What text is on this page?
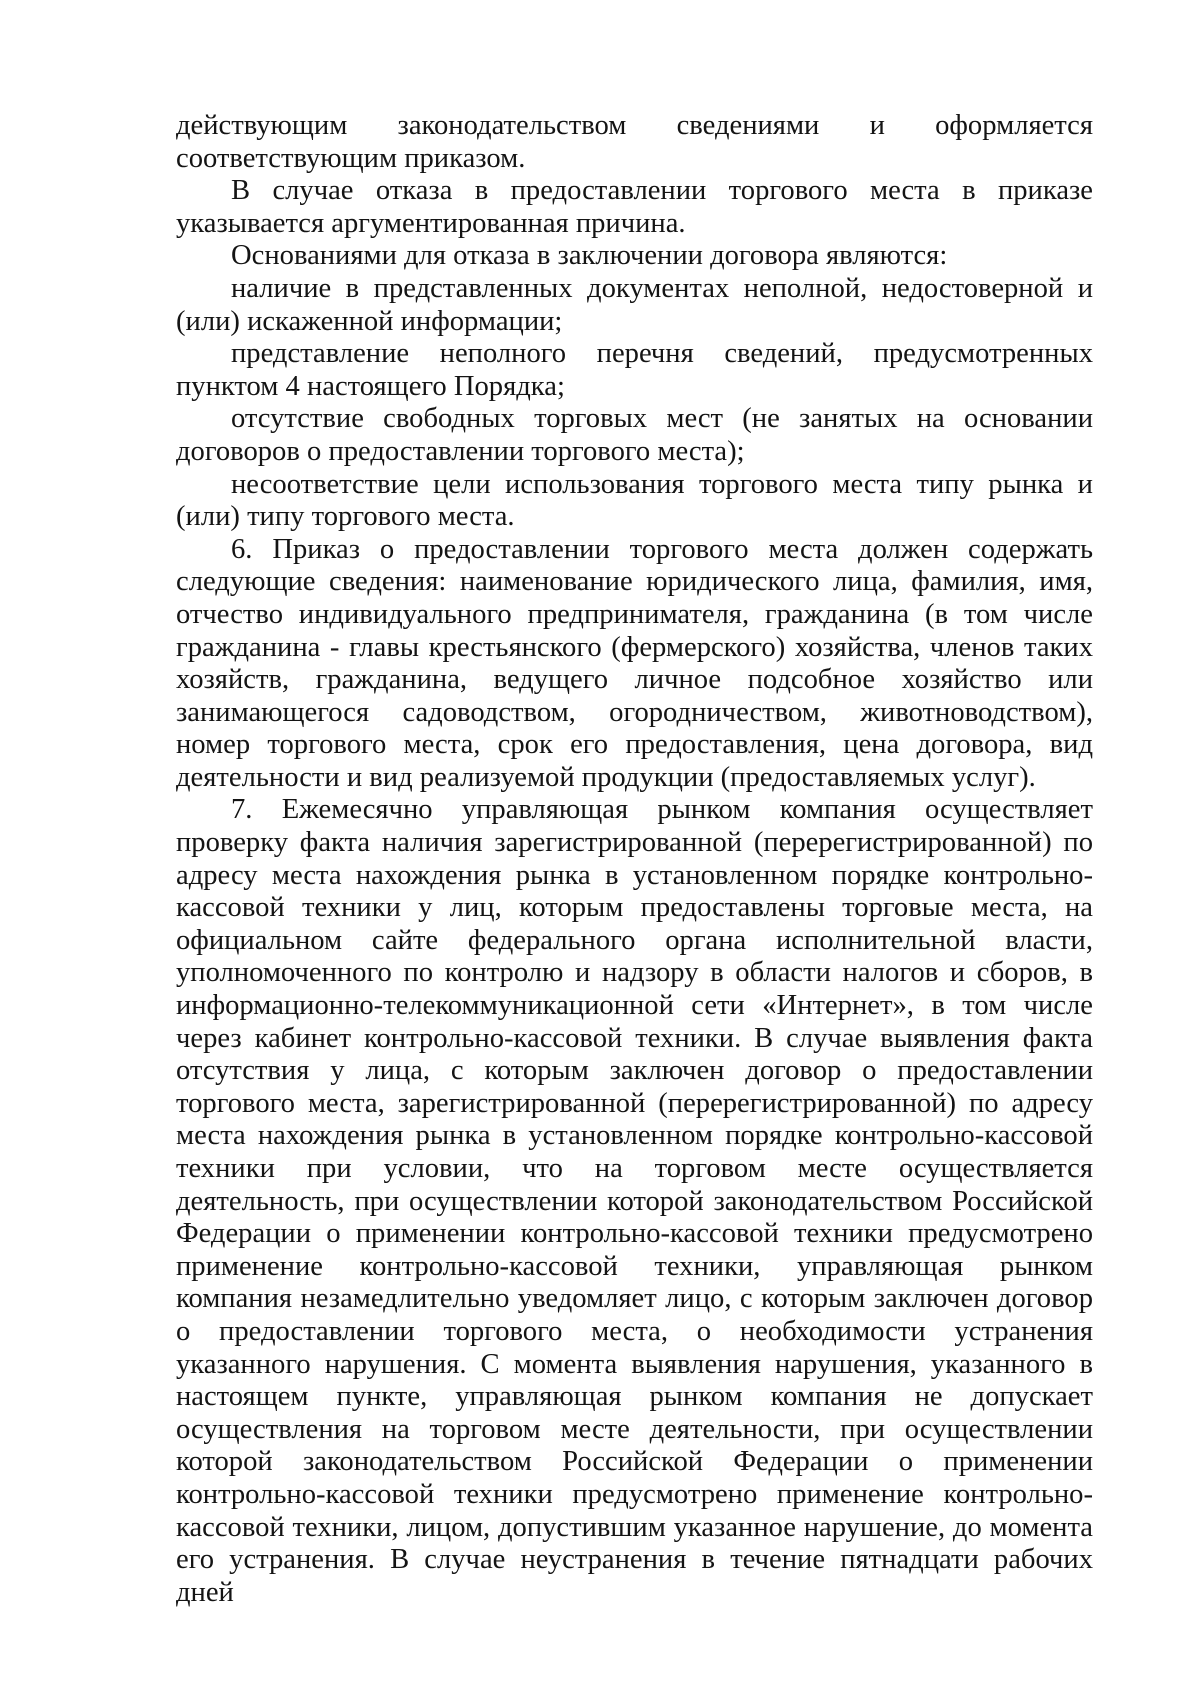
действующим законодательством сведениями и оформляется соответствующим приказом.

В случае отказа в предоставлении торгового места в приказе указывается аргументированная причина.

Основаниями для отказа в заключении договора являются:

наличие в представленных документах неполной, недостоверной и (или) искаженной информации;

представление неполного перечня сведений, предусмотренных пунктом 4 настоящего Порядка;

отсутствие свободных торговых мест (не занятых на основании договоров о предоставлении торгового места);

несоответствие цели использования торгового места типу рынка и (или) типу торгового места.

6. Приказ о предоставлении торгового места должен содержать следующие сведения: наименование юридического лица, фамилия, имя, отчество индивидуального предпринимателя, гражданина (в том числе гражданина - главы крестьянского (фермерского) хозяйства, членов таких хозяйств, гражданина, ведущего личное подсобное хозяйство или занимающегося садоводством, огородничеством, животноводством), номер торгового места, срок его предоставления, цена договора, вид деятельности и вид реализуемой продукции (предоставляемых услуг).

7. Ежемесячно управляющая рынком компания осуществляет проверку факта наличия зарегистрированной (перерегистрированной) по адресу места нахождения рынка в установленном порядке контрольно-кассовой техники у лиц, которым предоставлены торговые места, на официальном сайте федерального органа исполнительной власти, уполномоченного по контролю и надзору в области налогов и сборов, в информационно-телекоммуникационной сети «Интернет», в том числе через кабинет контрольно-кассовой техники. В случае выявления факта отсутствия у лица, с которым заключен договор о предоставлении торгового места, зарегистрированной (перерегистрированной) по адресу места нахождения рынка в установленном порядке контрольно-кассовой техники при условии, что на торговом месте осуществляется деятельность, при осуществлении которой законодательством Российской Федерации о применении контрольно-кассовой техники предусмотрено применение контрольно-кассовой техники, управляющая рынком компания незамедлительно уведомляет лицо, с которым заключен договор о предоставлении торгового места, о необходимости устранения указанного нарушения. С момента выявления нарушения, указанного в настоящем пункте, управляющая рынком компания не допускает осуществления на торговом месте деятельности, при осуществлении которой законодательством Российской Федерации о применении контрольно-кассовой техники предусмотрено применение контрольно-кассовой техники, лицом, допустившим указанное нарушение, до момента его устранения. В случае неустранения в течение пятнадцати рабочих дней
